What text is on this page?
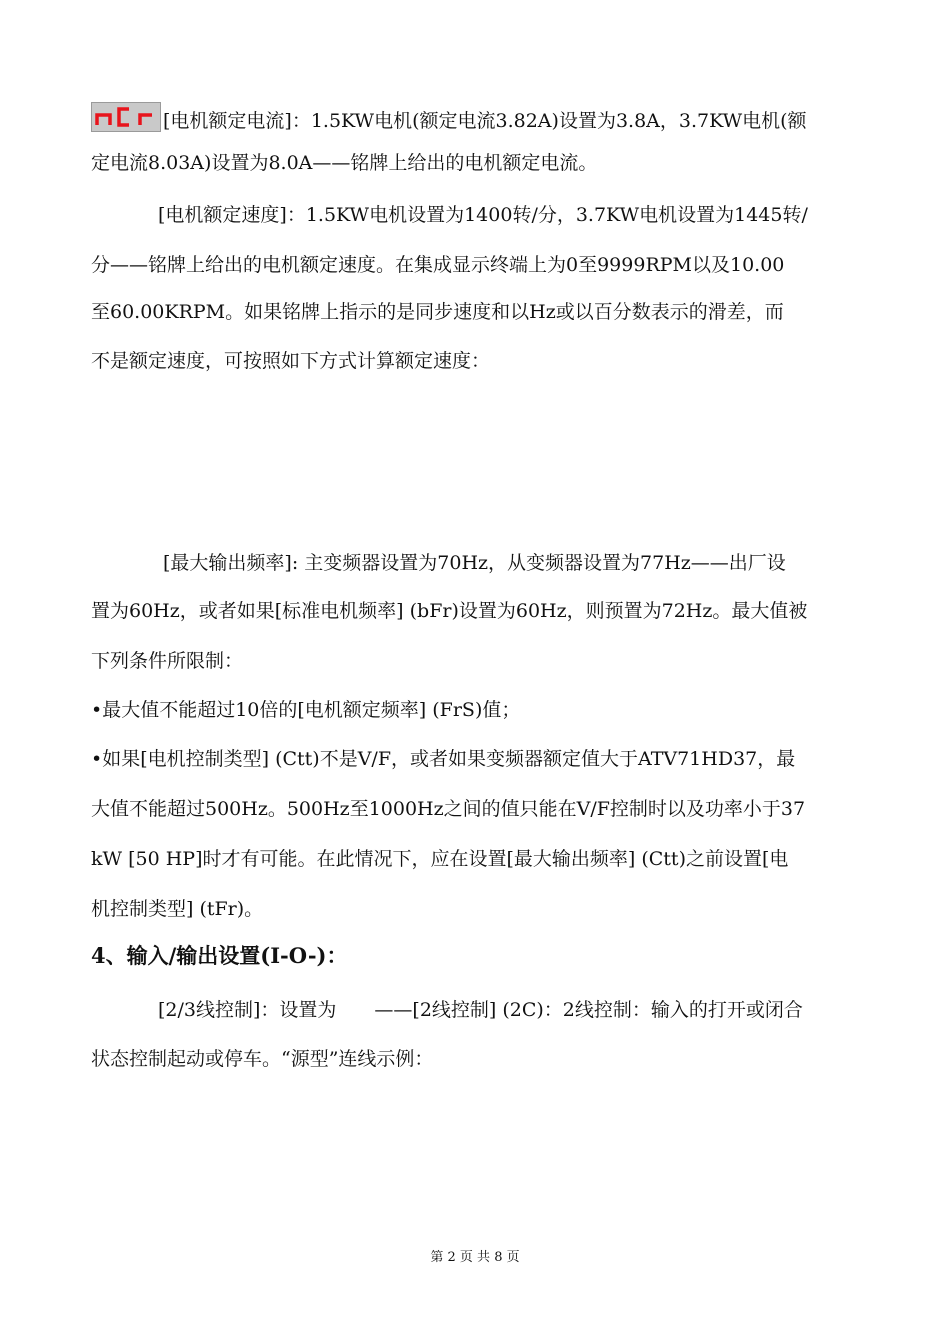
[电机额定电流]：1.5KW电机(额定电流3.82A)设置为3.8A，3.7KW电机(额
定电流8.03A)设置为8.0A——铭牌上给出的电机额定电流。
[电机额定速度]：1.5KW电机设置为1400转/分，3.7KW电机设置为1445转/
分——铭牌上给出的电机额定速度。在集成显示终端上为0至9999RPM以及10.00
至60.00KRPM。如果铭牌上指示的是同步速度和以Hz或以百分数表示的滑差，而
不是额定速度，可按照如下方式计算额定速度：
[最大输出频率]: 主变频器设置为70Hz，从变频器设置为77Hz——出厂设
置为60Hz，或者如果[标准电机频率] (bFr)设置为60Hz，则预置为72Hz。最大值被
下列条件所限制：
•最大值不能超过10倍的[电机额定频率] (FrS)值；
•如果[电机控制类型] (Ctt)不是V/F，或者如果变频器额定值大于ATV71HD37，最
大值不能超过500Hz。500Hz至1000Hz之间的值只能在V/F控制时以及功率小于37
kW [50 HP]时才有可能。在此情况下，应在设置[最大输出频率] (Ctt)之前设置[电
机控制类型] (tFr)。
4、输入/输出设置(I-O-)：
[2/3线控制]：设置为　　——[2线控制] (2C)：2线控制：输入的打开或闭合
状态控制起动或停车。“源型”连线示例：
第 2 页 共 8 页
